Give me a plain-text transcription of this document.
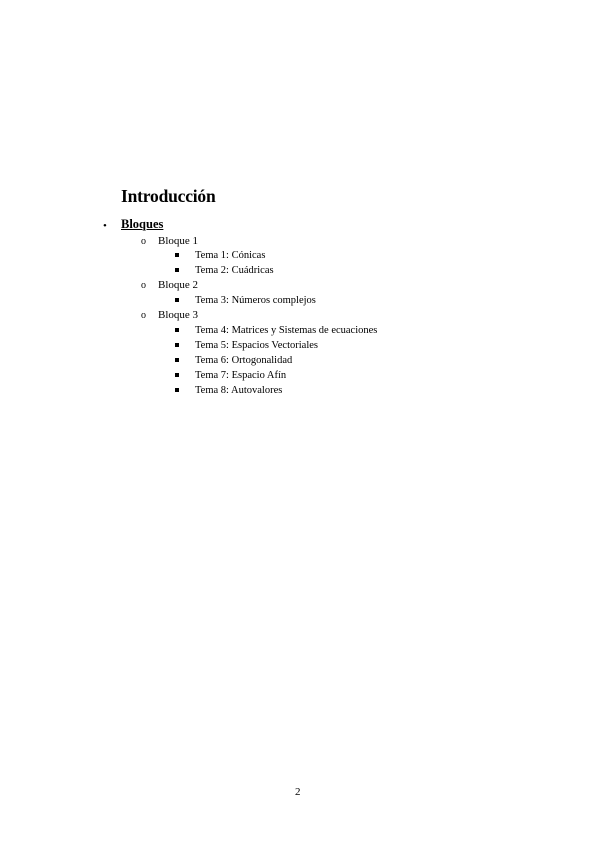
Introducción
• Bloques
o Bloque 1
Tema 1: Cónicas
Tema 2: Cuádricas
o Bloque 2
Tema 3: Números complejos
o Bloque 3
Tema 4: Matrices y Sistemas de ecuaciones
Tema 5: Espacios Vectoriales
Tema 6: Ortogonalidad
Tema 7: Espacio Afín
Tema 8: Autovalores
2
